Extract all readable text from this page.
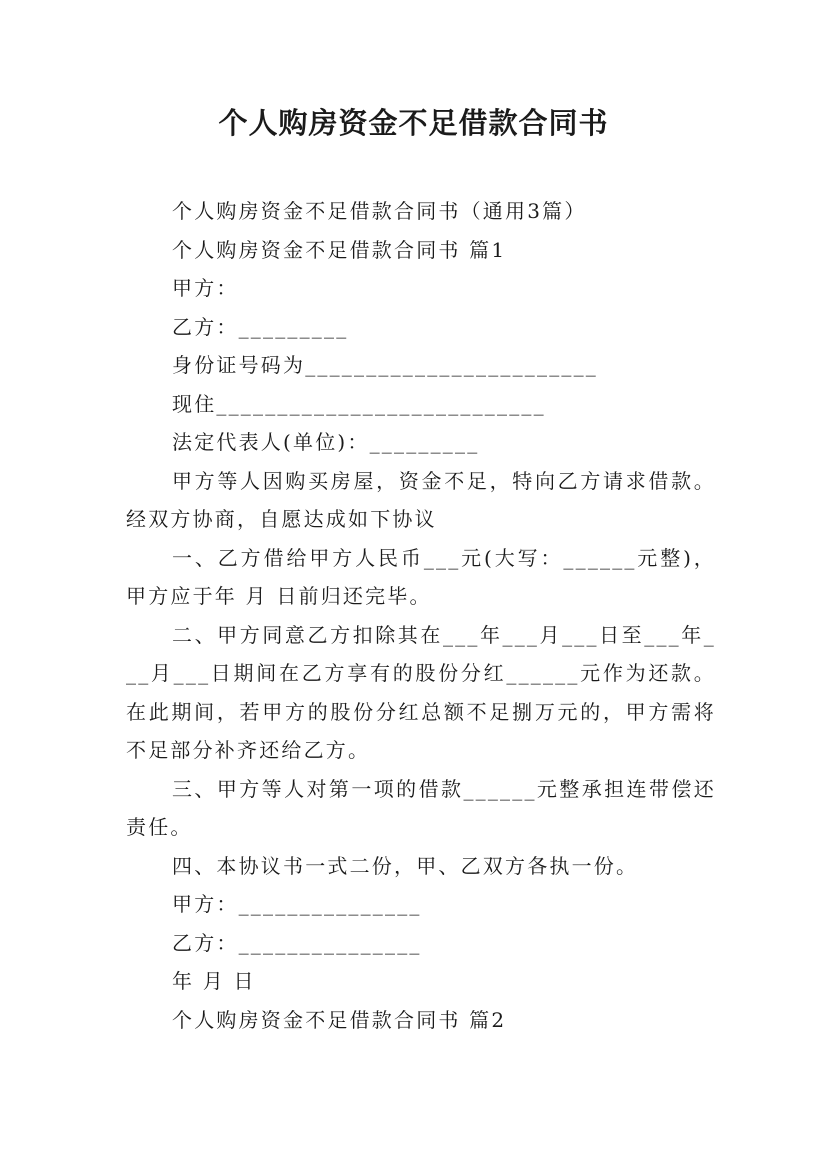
个人购房资金不足借款合同书

个人购房资金不足借款合同书（通用3篇）

个人购房资金不足借款合同书 篇1

甲方：

乙方：_________

身份证号码为________________________

现住___________________________

法定代表人(单位)：_________

甲方等人因购买房屋，资金不足，特向乙方请求借款。经双方协商，自愿达成如下协议

一、乙方借给甲方人民币___元(大写：______元整)，甲方应于年 月 日前归还完毕。

二、甲方同意乙方扣除其在___年___月___日至___年___月___日期间在乙方享有的股份分红______元作为还款。在此期间，若甲方的股份分红总额不足捌万元的，甲方需将不足部分补齐还给乙方。

三、甲方等人对第一项的借款______元整承担连带偿还责任。

四、本协议书一式二份，甲、乙双方各执一份。

甲方：_______________

乙方：_______________

年 月 日

个人购房资金不足借款合同书 篇2
